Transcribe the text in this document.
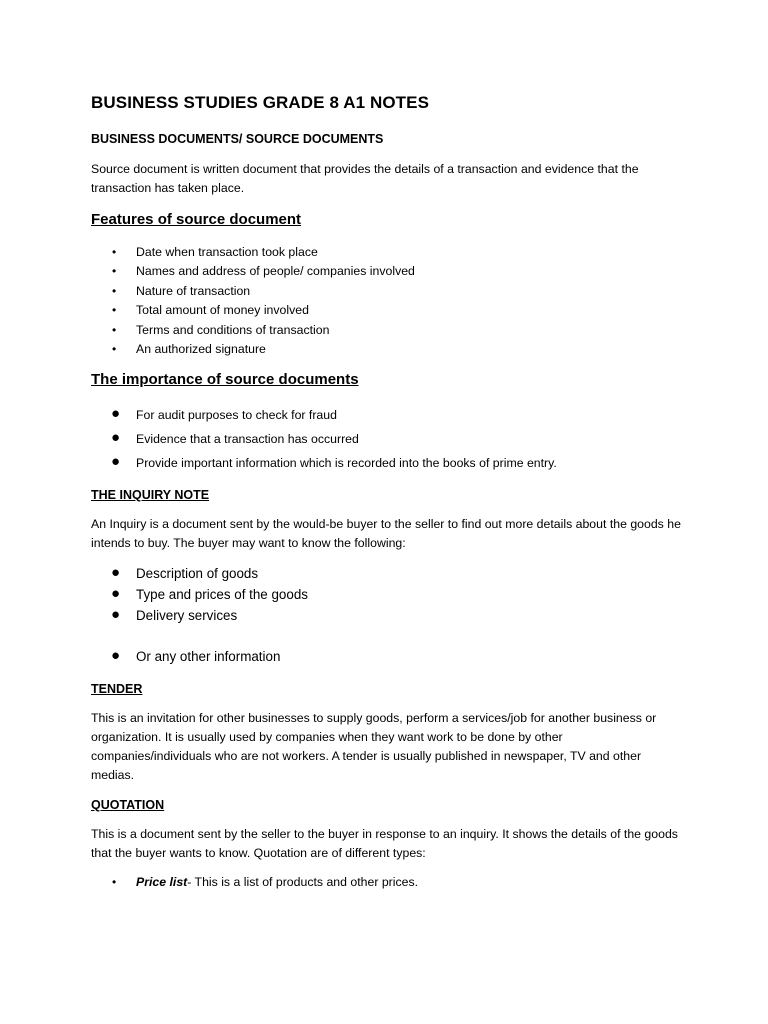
BUSINESS STUDIES GRADE 8 A1 NOTES
BUSINESS DOCUMENTS/ SOURCE DOCUMENTS
Source document is written document that provides the details of a transaction and evidence that the transaction has taken place.
Features of source document
• Date when transaction took place
• Names and address of people/ companies involved
• Nature of transaction
• Total amount of money involved
• Terms and conditions of transaction
• An authorized signature
The importance of source documents
● For audit purposes to check for fraud
● Evidence that a transaction has occurred
● Provide important information which is recorded into the books of prime entry.
THE INQUIRY NOTE
An Inquiry is a document sent by the would-be buyer to the seller to find out more details about the goods he intends to buy. The buyer may want to know the following:
● Description of goods
● Type and prices of the goods
● Delivery services
● Or any other information
TENDER
This is an invitation for other businesses to supply goods, perform a services/job for another business or organization. It is usually used by companies when they want work to be done by other companies/individuals who are not workers. A tender is usually published in newspaper, TV and other medias.
QUOTATION
This is a document sent by the seller to the buyer in response to an inquiry. It shows the details of the goods that the buyer wants to know. Quotation are of different types:
• Price list- This is a list of products and other prices.
